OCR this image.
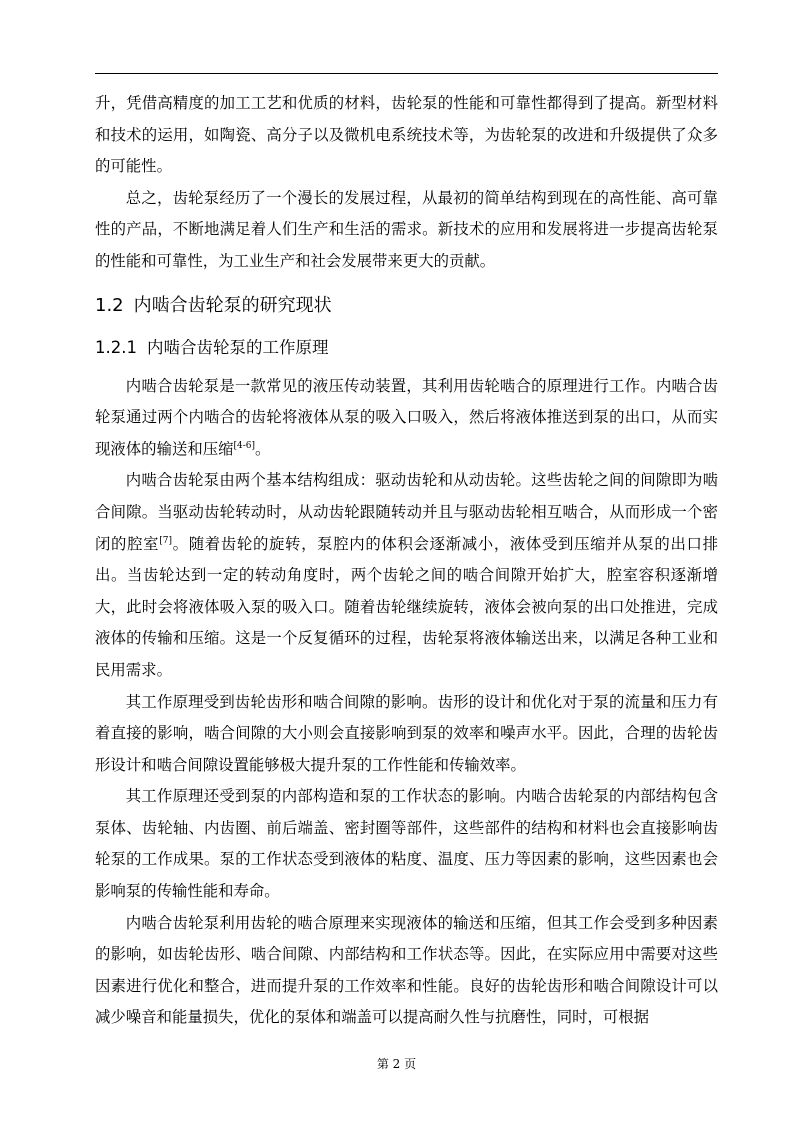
升，凭借高精度的加工工艺和优质的材料，齿轮泵的性能和可靠性都得到了提高。新型材料和技术的运用，如陶瓷、高分子以及微机电系统技术等，为齿轮泵的改进和升级提供了众多的可能性。

总之，齿轮泵经历了一个漫长的发展过程，从最初的简单结构到现在的高性能、高可靠性的产品，不断地满足着人们生产和生活的需求。新技术的应用和发展将进一步提高齿轮泵的性能和可靠性，为工业生产和社会发展带来更大的贡献。

1.2 内啮合齿轮泵的研究现状
1.2.1 内啮合齿轮泵的工作原理

内啮合齿轮泵是一款常见的液压传动装置，其利用齿轮啮合的原理进行工作。内啮合齿轮泵通过两个内啮合的齿轮将液体从泵的吸入口吸入，然后将液体推送到泵的出口，从而实现液体的输送和压缩[4-6]。

内啮合齿轮泵由两个基本结构组成：驱动齿轮和从动齿轮。这些齿轮之间的间隙即为啮合间隙。当驱动齿轮转动时，从动齿轮跟随转动并且与驱动齿轮相互啮合，从而形成一个密闭的腔室[7]。随着齿轮的旋转，泵腔内的体积会逐渐减小，液体受到压缩并从泵的出口排出。当齿轮达到一定的转动角度时，两个齿轮之间的啮合间隙开始扩大，腔室容积逐渐增大，此时会将液体吸入泵的吸入口。随着齿轮继续旋转，液体会被向泵的出口处推进，完成液体的传输和压缩。这是一个反复循环的过程，齿轮泵将液体输送出来，以满足各种工业和民用需求。

其工作原理受到齿轮齿形和啮合间隙的影响。齿形的设计和优化对于泵的流量和压力有着直接的影响，啮合间隙的大小则会直接影响到泵的效率和噪声水平。因此，合理的齿轮齿形设计和啮合间隙设置能够极大提升泵的工作性能和传输效率。

其工作原理还受到泵的内部构造和泵的工作状态的影响。内啮合齿轮泵的内部结构包含泵体、齿轮轴、内齿圈、前后端盖、密封圈等部件，这些部件的结构和材料也会直接影响齿轮泵的工作成果。泵的工作状态受到液体的粘度、温度、压力等因素的影响，这些因素也会影响泵的传输性能和寿命。

内啮合齿轮泵利用齿轮的啮合原理来实现液体的输送和压缩，但其工作会受到多种因素的影响，如齿轮齿形、啮合间隙、内部结构和工作状态等。因此，在实际应用中需要对这些因素进行优化和整合，进而提升泵的工作效率和性能。良好的齿轮齿形和啮合间隙设计可以减少噪音和能量损失，优化的泵体和端盖可以提高耐久性与抗磨性，同时，可根据

第 2 页
